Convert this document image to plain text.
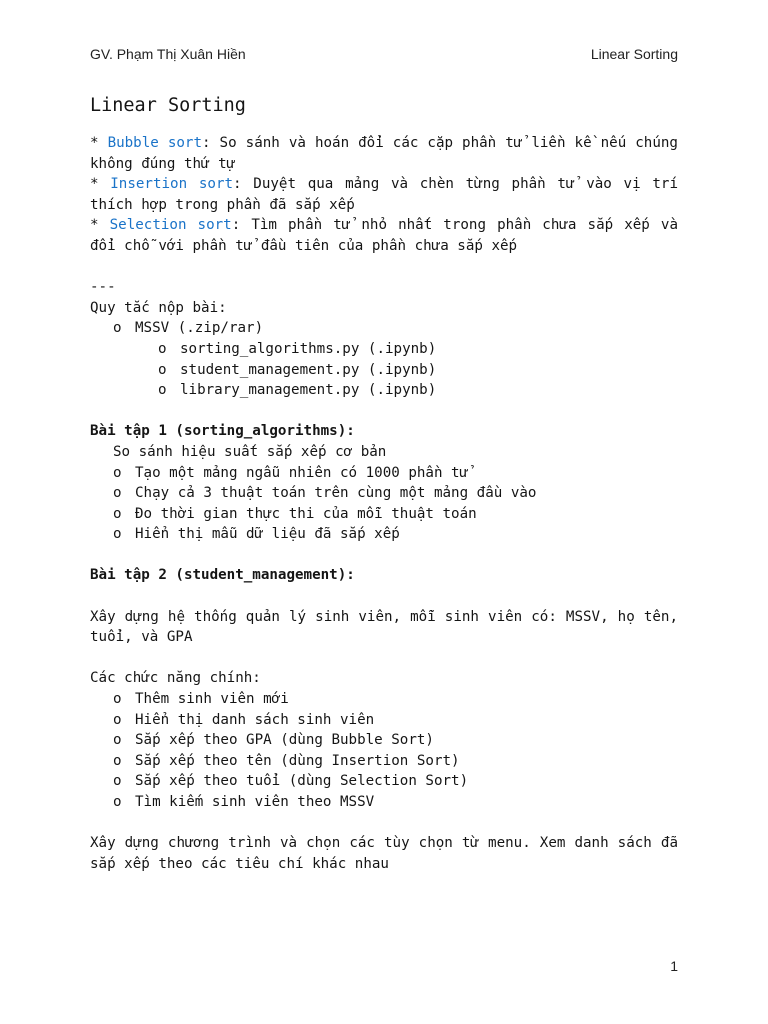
GV. Phạm Thị Xuân Hiền	Linear Sorting
Linear Sorting

* Bubble sort: So sánh và hoán đổi các cặp phần tử liền kề nếu chúng không đúng thứ tự

* Insertion sort: Duyệt qua mảng và chèn từng phần tử vào vị trí thích hợp trong phần đã sắp xếp

* Selection sort: Tìm phần tử nhỏ nhất trong phần chưa sắp xếp và đổi chỗ với phần tử đầu tiên của phần chưa sắp xếp

---

Quy tắc nộp bài:

o MSSV (.zip/rar)
o sorting_algorithms.py (.ipynb)
o student_management.py (.ipynb)
o library_management.py (.ipynb)

Bài tập 1 (sorting_algorithms):

So sánh hiệu suất sắp xếp cơ bản

o Tạo một mảng ngẫu nhiên có 1000 phần tử
o Chạy cả 3 thuật toán trên cùng một mảng đầu vào
o Đo thời gian thực thi của mỗi thuật toán
o Hiển thị mẫu dữ liệu đã sắp xếp

Bài tập 2 (student_management):

Xây dựng hệ thống quản lý sinh viên, mỗi sinh viên có: MSSV, họ tên, tuổi, và GPA

Các chức năng chính:

o Thêm sinh viên mới
o Hiển thị danh sách sinh viên
o Sắp xếp theo GPA (dùng Bubble Sort)
o Sắp xếp theo tên (dùng Insertion Sort)
o Sắp xếp theo tuổi (dùng Selection Sort)
o Tìm kiếm sinh viên theo MSSV

Xây dựng chương trình và chọn các tùy chọn từ menu. Xem danh sách đã sắp xếp theo các tiêu chí khác nhau

1
